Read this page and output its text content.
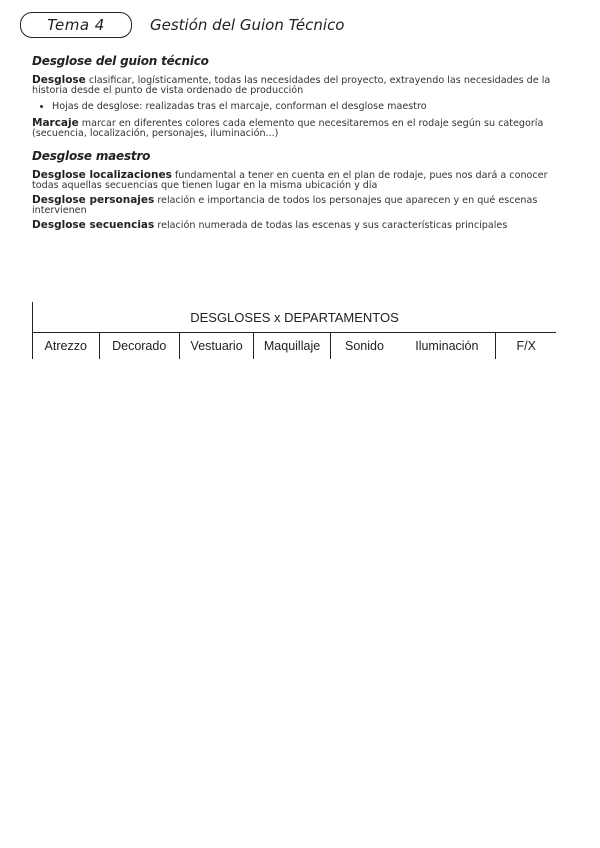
Tema 4	Gestión del Guion Técnico
Desglose del guion técnico

Desglose clasificar, logísticamente, todas las necesidades del proyecto, extrayendo las necesidades de la historia desde el punto de vista ordenado de producción

• Hojas de desglose: realizadas tras el marcaje, conforman el desglose maestro

Marcaje marcar en diferentes colores cada elemento que necesitaremos en el rodaje según su categoría (secuencia, localización, personajes, iluminación...)

Desglose maestro

Desglose localizaciones fundamental a tener en cuenta en el plan de rodaje, pues nos dará a conocer todas aquellas secuencias que tienen lugar en la misma ubicación y día

Desglose personajes relación e importancia de todos los personajes que aparecen y en qué escenas intervienen

Desglose secuencias relación numerada de todas las escenas y sus características principales

DESGLOSES x DEPARTAMENTOS
Atrezzo	Decorado	Vestuario	Maquillaje	Sonido	Iluminación	F/X
